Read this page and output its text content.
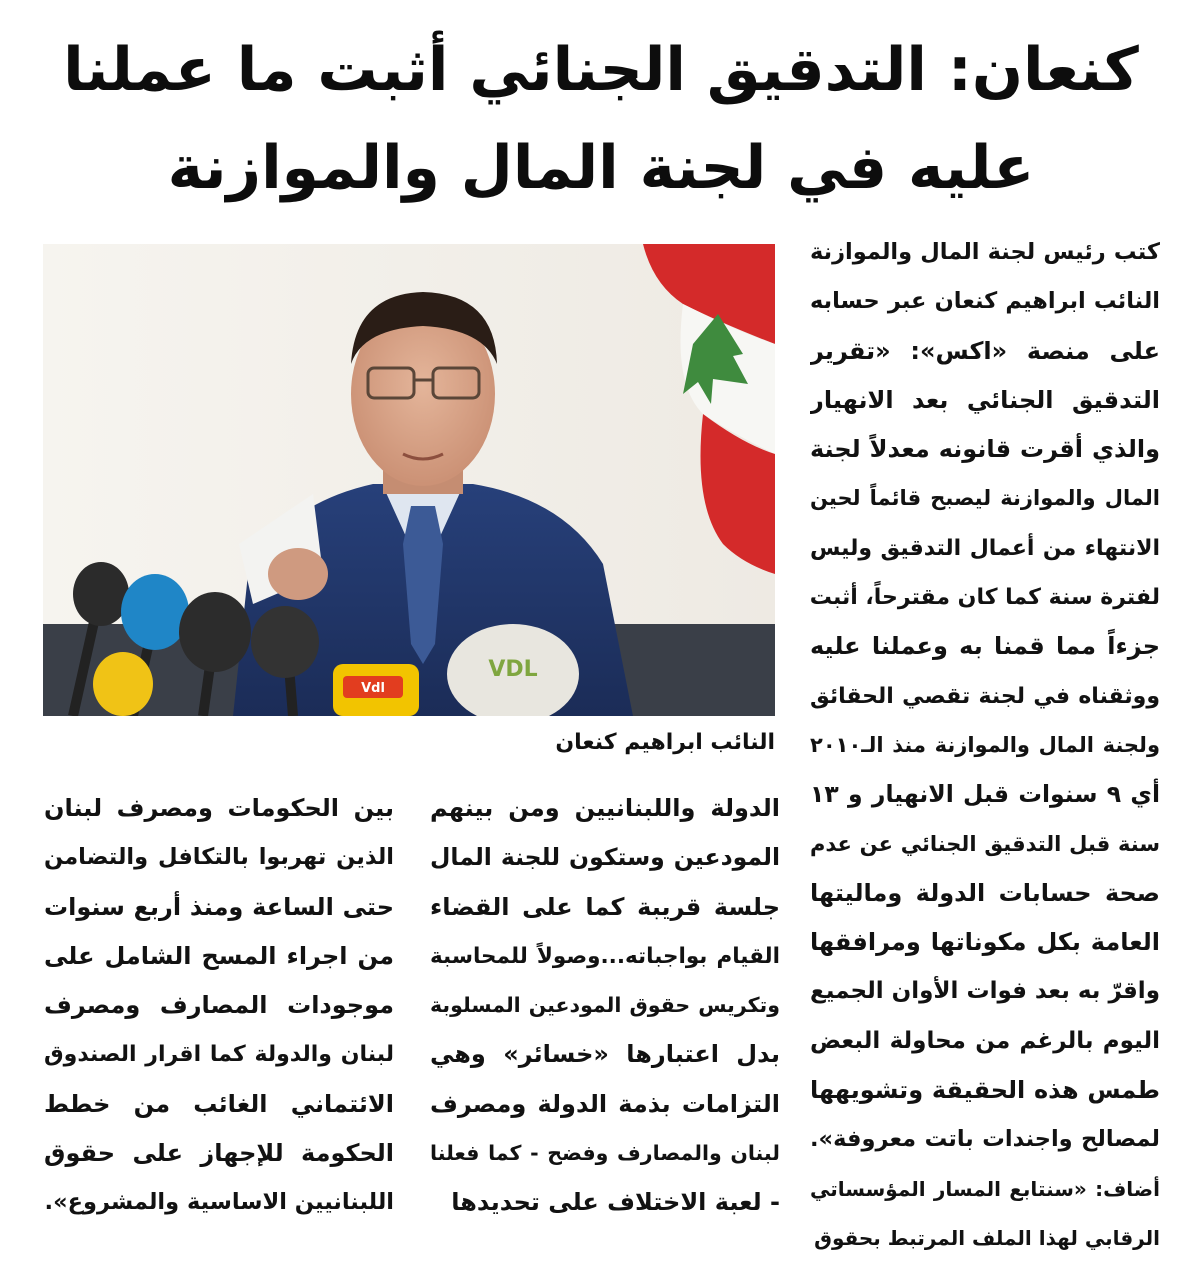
كنعان: التدقيق الجنائي أثبت ما عملنا
عليه في لجنة المال والموازنة
Vdl
VDL
النائب ابراهيم كنعان
كتب رئيس لجنة المال والموازنة
النائب ابراهيم كنعان عبر حسابه
على منصة «اكس»: «تقرير
التدقيق الجنائي بعد الانهيار
والذي أقرت قانونه معدلاً لجنة
المال والموازنة ليصبح قائماً لحين
الانتهاء من أعمال التدقيق وليس
لفترة سنة كما كان مقترحاً، أثبت
جزءاً مما قمنا به وعملنا عليه
ووثقناه في لجنة تقصي الحقائق
ولجنة المال والموازنة منذ الـ٢٠١٠
أي ٩ سنوات قبل الانهيار و ١٣
سنة قبل التدقيق الجنائي عن عدم
صحة حسابات الدولة وماليتها
العامة بكل مكوناتها ومرافقها
واقرّ به بعد فوات الأوان الجميع
اليوم بالرغم من محاولة البعض
طمس هذه الحقيقة وتشويهها
لمصالح واجندات باتت معروفة».
أضاف: «سنتابع المسار المؤسساتي
الرقابي لهذا الملف المرتبط بحقوق
الدولة واللبنانيين ومن بينهم
المودعين وستكون للجنة المال
جلسة قريبة كما على القضاء
القيام بواجباته...وصولاً للمحاسبة
وتكريس حقوق المودعين المسلوبة
بدل اعتبارها «خسائر» وهي
التزامات بذمة الدولة ومصرف
لبنان والمصارف وفضح - كما فعلنا
- لعبة الاختلاف على تحديدها
بين الحكومات ومصرف لبنان
الذين تهربوا بالتكافل والتضامن
حتى الساعة ومنذ أربع سنوات
من اجراء المسح الشامل على
موجودات المصارف ومصرف
لبنان والدولة كما اقرار الصندوق
الائتماني الغائب من خطط
الحكومة للإجهاز على حقوق
اللبنانيين الاساسية والمشروع».
